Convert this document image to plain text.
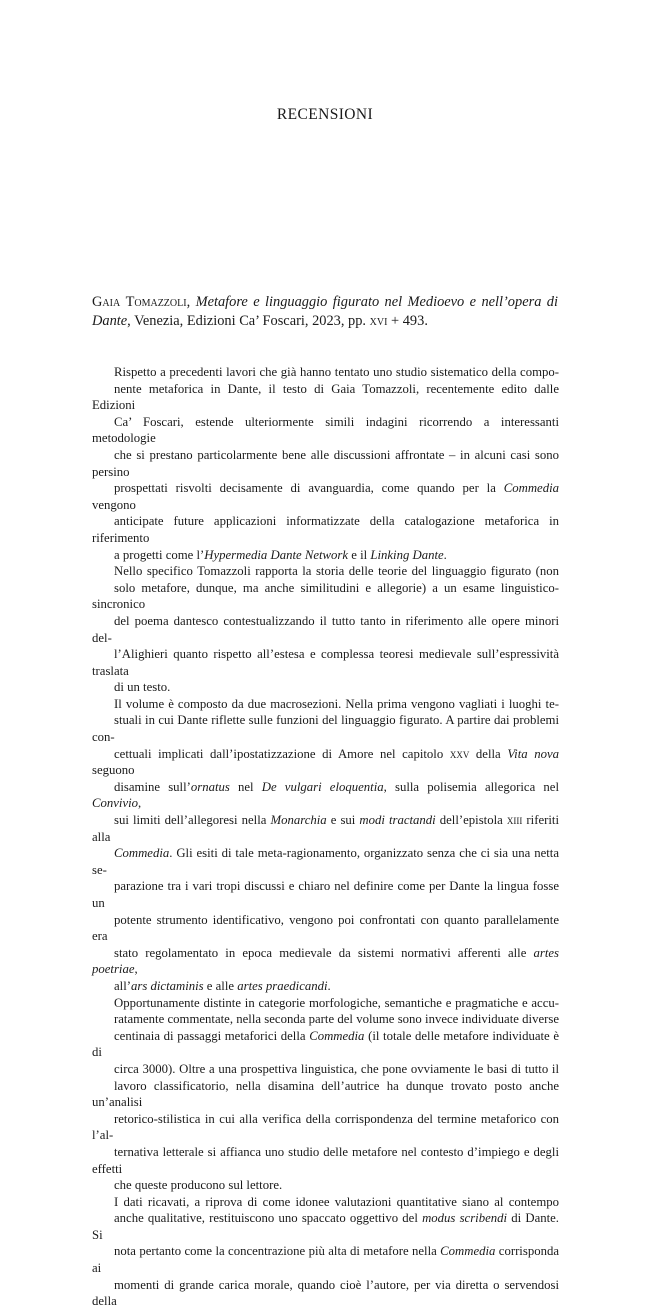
RECENSIONI
Gaia Tomazzoli, Metafore e linguaggio figurato nel Medioevo e nell’opera di Dante, Venezia, Edizioni Ca’ Foscari, 2023, pp. xvi + 493.

Rispetto a precedenti lavori che già hanno tentato uno studio sistematico della compo-
nente metaforica in Dante, il testo di Gaia Tomazzoli, recentemente edito dalle Edizioni
Ca’ Foscari, estende ulteriormente simili indagini ricorrendo a interessanti metodologie
che si prestano particolarmente bene alle discussioni affrontate – in alcuni casi sono persino
prospettati risvolti decisamente di avanguardia, come quando per la Commedia vengono
anticipate future applicazioni informatizzate della catalogazione metaforica in riferimento
a progetti come l’Hypermedia Dante Network e il Linking Dante.

Nello specifico Tomazzoli rapporta la storia delle teorie del linguaggio figurato (non
solo metafore, dunque, ma anche similitudini e allegorie) a un esame linguistico-sincronico
del poema dantesco contestualizzando il tutto tanto in riferimento alle opere minori del-
l’Alighieri quanto rispetto all’estesa e complessa teoresi medievale sull’espressività traslata
di un testo.

Il volume è composto da due macrosezioni. Nella prima vengono vagliati i luoghi te-
stuali in cui Dante riflette sulle funzioni del linguaggio figurato. A partire dai problemi con-
cettuali implicati dall’ipostatizzazione di Amore nel capitolo xxv della Vita nova seguono
disamine sull’ornatus nel De vulgari eloquentia, sulla polisemia allegorica nel Convivio,
sui limiti dell’allegoresi nella Monarchia e sui modi tractandi dell’epistola xiii riferiti alla
Commedia. Gli esiti di tale meta-ragionamento, organizzato senza che ci sia una netta se-
parazione tra i vari tropi discussi e chiaro nel definire come per Dante la lingua fosse un
potente strumento identificativo, vengono poi confrontati con quanto parallelamente era
stato regolamentato in epoca medievale da sistemi normativi afferenti alle artes poetriae,
all’ars dictaminis e alle artes praedicandi.

Opportunamente distinte in categorie morfologiche, semantiche e pragmatiche e accu-
ratamente commentate, nella seconda parte del volume sono invece individuate diverse
centinaia di passaggi metaforici della Commedia (il totale delle metafore individuate è di
circa 3000). Oltre a una prospettiva linguistica, che pone ovviamente le basi di tutto il
lavoro classificatorio, nella disamina dell’autrice ha dunque trovato posto anche un’analisi
retorico-stilistica in cui alla verifica della corrispondenza del termine metaforico con l’al-
ternativa letterale si affianca uno studio delle metafore nel contesto d’impiego e degli effetti
che queste producono sul lettore.

I dati ricavati, a riprova di come idonee valutazioni quantitative siano al contempo
anche qualitative, restituiscono uno spaccato oggettivo del modus scribendi di Dante. Si
nota pertanto come la concentrazione più alta di metafore nella Commedia corrisponda ai
momenti di grande carica morale, quando cioè l’autore, per via diretta o servendosi della
